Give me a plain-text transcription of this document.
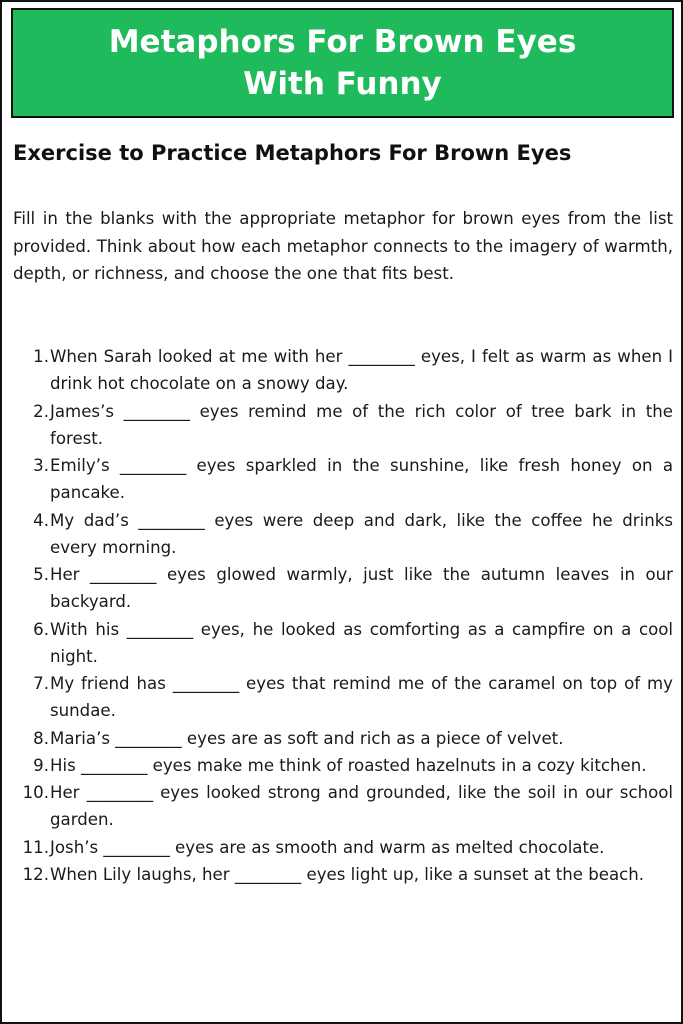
Metaphors For Brown Eyes
With Funny
Exercise to Practice Metaphors For Brown Eyes

Fill in the blanks with the appropriate metaphor for brown eyes from the list provided. Think about how each metaphor connects to the imagery of warmth, depth, or richness, and choose the one that fits best.

1. When Sarah looked at me with her ________ eyes, I felt as warm as when I drink hot chocolate on a snowy day.
2. James’s ________ eyes remind me of the rich color of tree bark in the forest.
3. Emily’s ________ eyes sparkled in the sunshine, like fresh honey on a pancake.
4. My dad’s ________ eyes were deep and dark, like the coffee he drinks every morning.
5. Her ________ eyes glowed warmly, just like the autumn leaves in our backyard.
6. With his ________ eyes, he looked as comforting as a campfire on a cool night.
7. My friend has ________ eyes that remind me of the caramel on top of my sundae.
8. Maria’s ________ eyes are as soft and rich as a piece of velvet.
9. His ________ eyes make me think of roasted hazelnuts in a cozy kitchen.
10. Her ________ eyes looked strong and grounded, like the soil in our school garden.
11. Josh’s ________ eyes are as smooth and warm as melted chocolate.
12. When Lily laughs, her ________ eyes light up, like a sunset at the beach.
